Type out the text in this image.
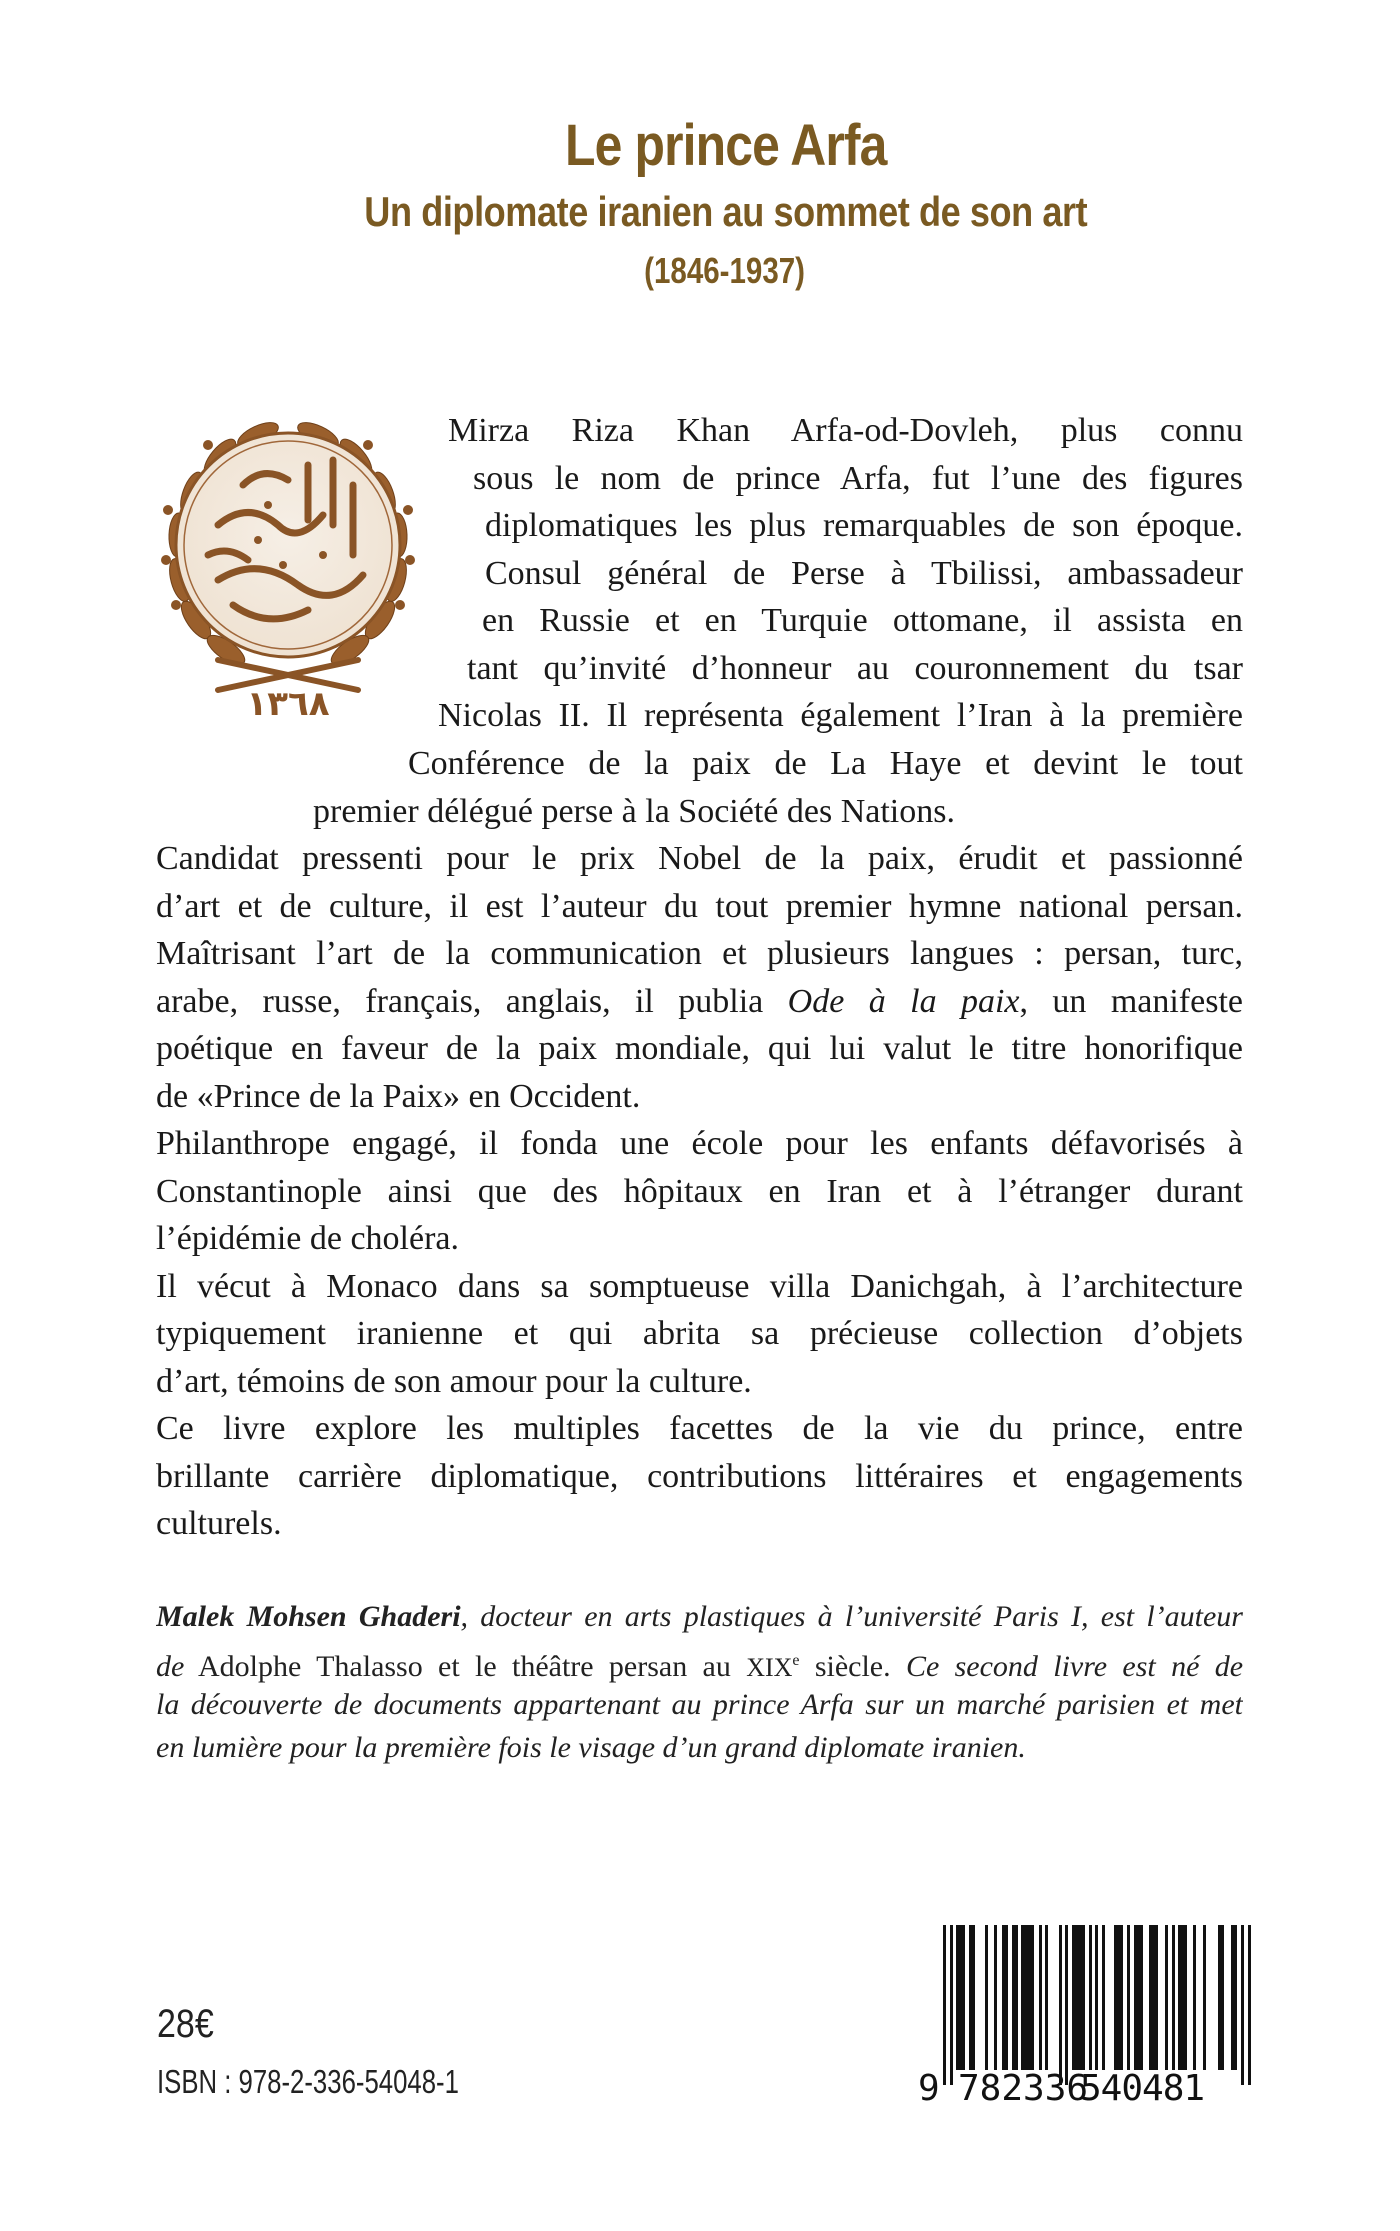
Le prince Arfa
Un diplomate iranien au sommet de son art
(1846-1937)
١٣٦٨
Mirza Riza Khan Arfa-od-Dovleh, plus connu
sous le nom de prince Arfa, fut l’une des figures
diplomatiques les plus remarquables de son époque.
Consul général de Perse à Tbilissi, ambassadeur
en Russie et en Turquie ottomane, il assista en
tant qu’invité d’honneur au couronnement du tsar
Nicolas II. Il représenta également l’Iran à la première
Conférence de la paix de La Haye et devint le tout
premier délégué perse à la Société des Nations.
Candidat pressenti pour le prix Nobel de la paix, érudit et passionné
d’art et de culture, il est l’auteur du tout premier hymne national persan.
Maîtrisant l’art de la communication et plusieurs langues : persan, turc,
arabe, russe, français, anglais, il publia Ode à la paix, un manifeste
poétique en faveur de la paix mondiale, qui lui valut le titre honorifique
de «Prince de la Paix» en Occident.
Philanthrope engagé, il fonda une école pour les enfants défavorisés à
Constantinople ainsi que des hôpitaux en Iran et à l’étranger durant
l’épidémie de choléra.
Il vécut à Monaco dans sa somptueuse villa Danichgah, à l’architecture
typiquement iranienne et qui abrita sa précieuse collection d’objets
d’art, témoins de son amour pour la culture.
Ce livre explore les multiples facettes de la vie du prince, entre
brillante carrière diplomatique, contributions littéraires et engagements
culturels.
Malek Mohsen Ghaderi, docteur en arts plastiques à l’université Paris I, est l’auteur
de Adolphe Thalasso et le théâtre persan au XIXe siècle. Ce second livre est né de
la découverte de documents appartenant au prince Arfa sur un marché parisien et met
en lumière pour la première fois le visage d’un grand diplomate iranien.
28€
ISBN : 978-2-336-54048-1	9 782336
540481
